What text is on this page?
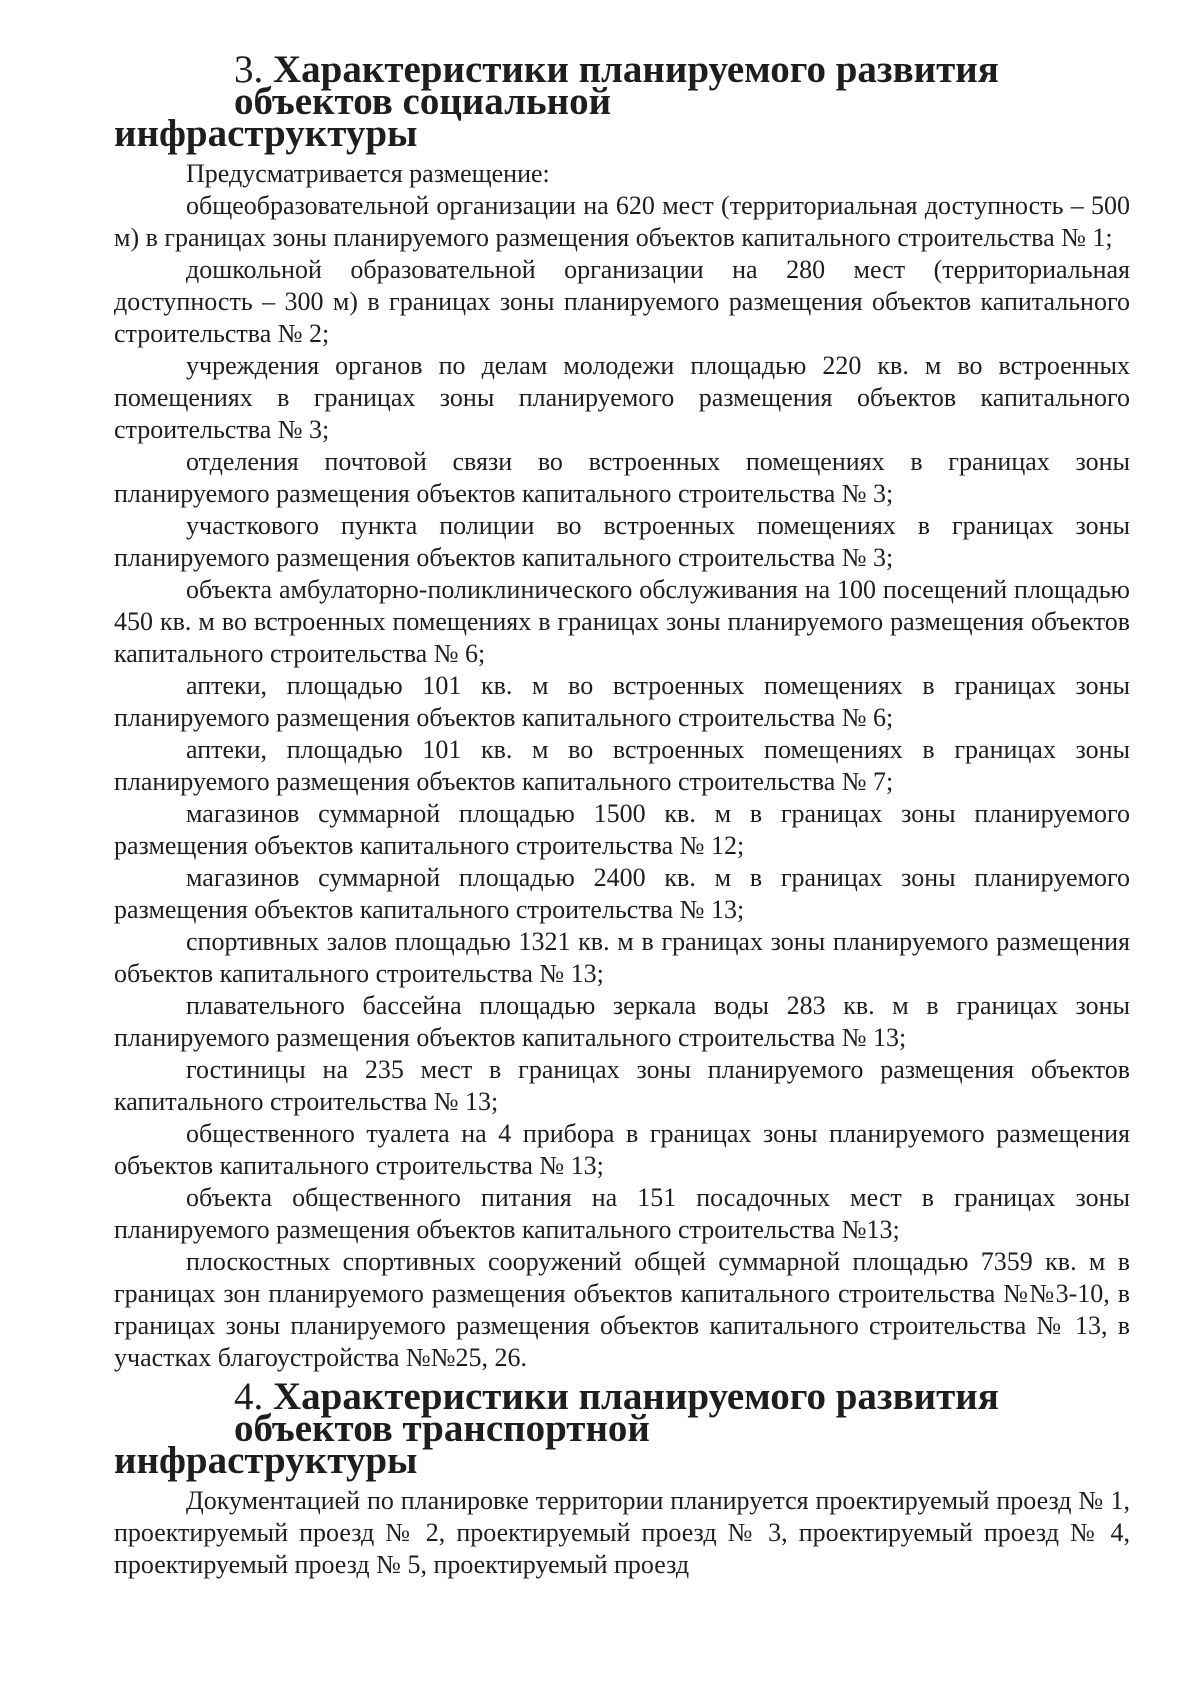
3. Характеристики планируемого развития объектов социальной
инфраструктуры

Предусматривается размещение:

общеобразовательной организации на 620 мест (территориальная доступность – 500 м) в границах зоны планируемого размещения объектов капитального строительства № 1;

дошкольной образовательной организации на 280 мест (территориальная доступность – 300 м) в границах зоны планируемого размещения объектов капитального строительства № 2;

учреждения органов по делам молодежи площадью 220 кв. м во встроенных помещениях в границах зоны планируемого размещения объектов капитального строительства № 3;

отделения почтовой связи во встроенных помещениях в границах зоны планируемого размещения объектов капитального строительства № 3;

участкового пункта полиции во встроенных помещениях в границах зоны планируемого размещения объектов капитального строительства № 3;

объекта амбулаторно-поликлинического обслуживания на 100 посещений площадью 450 кв. м во встроенных помещениях в границах зоны планируемого размещения объектов капитального строительства № 6;

аптеки, площадью 101 кв. м во встроенных помещениях в границах зоны планируемого размещения объектов капитального строительства № 6;

аптеки, площадью 101 кв. м во встроенных помещениях в границах зоны планируемого размещения объектов капитального строительства № 7;

магазинов суммарной площадью 1500 кв. м в границах зоны планируемого размещения объектов капитального строительства № 12;

магазинов суммарной площадью 2400 кв. м в границах зоны планируемого размещения объектов капитального строительства № 13;

спортивных залов площадью 1321 кв. м в границах зоны планируемого размещения объектов капитального строительства № 13;

плавательного бассейна площадью зеркала воды 283 кв. м в границах зоны планируемого размещения объектов капитального строительства № 13;

гостиницы на 235 мест в границах зоны планируемого размещения объектов капитального строительства № 13;

общественного туалета на 4 прибора в границах зоны планируемого размещения объектов капитального строительства № 13;

объекта общественного питания на 151 посадочных мест в границах зоны планируемого размещения объектов капитального строительства №13;

плоскостных спортивных сооружений общей суммарной площадью 7359 кв. м в границах зон планируемого размещения объектов капитального строительства №№3-10, в границах зоны планируемого размещения объектов капитального строительства № 13, в участках благоустройства №№25, 26.

4. Характеристики планируемого развития объектов транспортной
инфраструктуры

Документацией по планировке территории планируется проектируемый проезд № 1, проектируемый проезд № 2, проектируемый проезд № 3, проектируемый проезд № 4, проектируемый проезд № 5, проектируемый проезд
